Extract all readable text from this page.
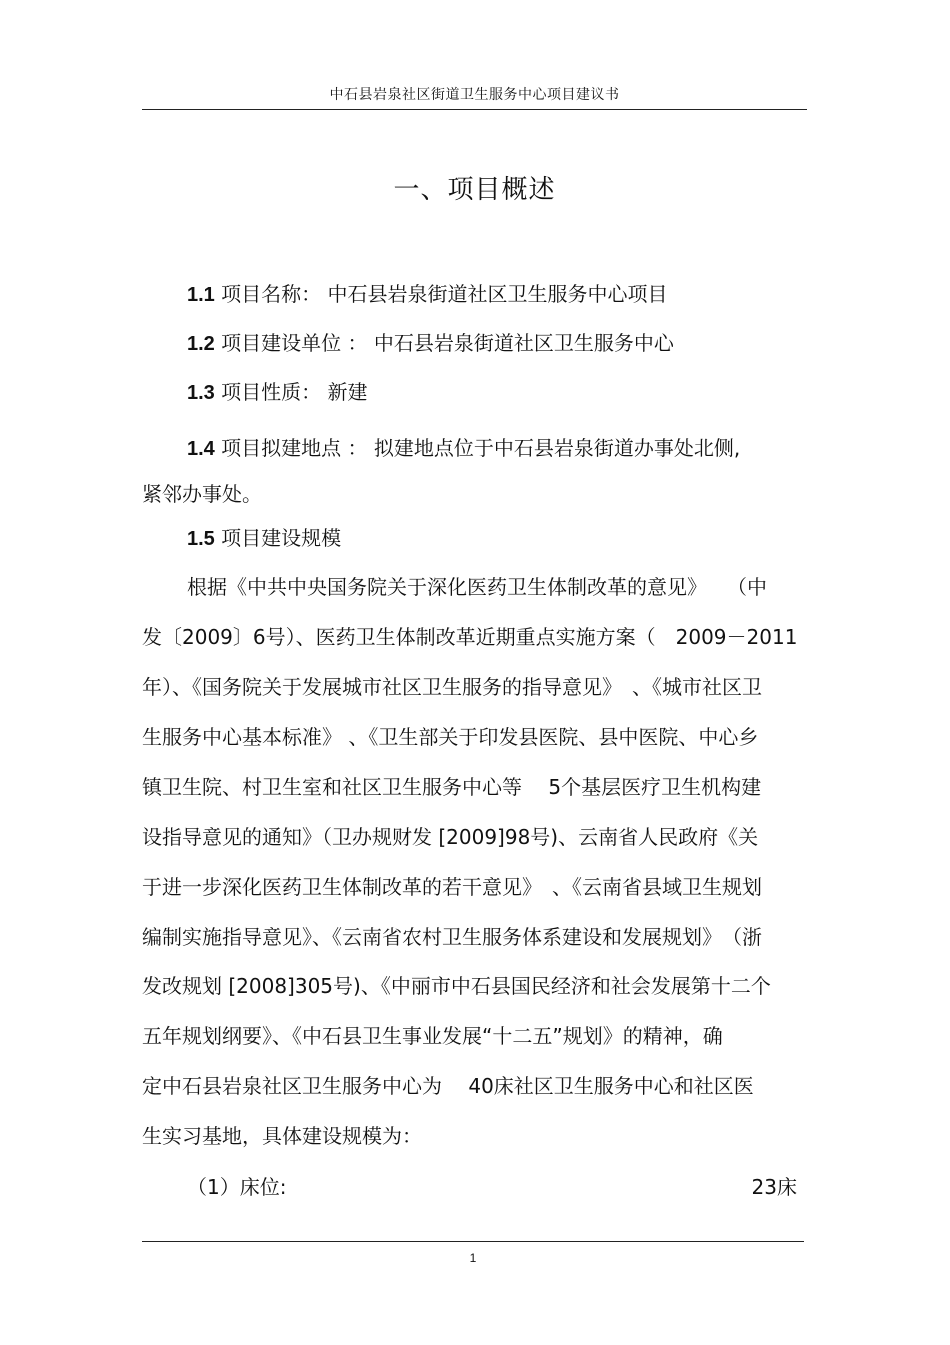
中石县岩泉社区街道卫生服务中心项目建议书
一、项目概述
1.1 项目名称： 中石县岩泉街道社区卫生服务中心项目
1.2 项目建设单位 ： 中石县岩泉街道社区卫生服务中心
1.3 项目性质： 新建
1.4 项目拟建地点 ： 拟建地点位于中石县岩泉街道办事处北侧,
紧邻办事处。
1.5 项目建设规模
根据《中共中央国务院关于深化医药卫生体制改革的意见》　　（中
发〔2009〕6号）、医药卫生体制改革近期重点实施方案（　2009－2011
年）、《国务院关于发展城市社区卫生服务的指导意见》　、《城市社区卫
生服务中心基本标准》 、《卫生部关于印发县医院、县中医院、中心乡
镇卫生院、村卫生室和社区卫生服务中心等　 5个基层医疗卫生机构建
设指导意见的通知》（卫办规财发 [2009]98号)、云南省人民政府《关
于进一步深化医药卫生体制改革的若干意见》　、《云南省县域卫生规划
编制实施指导意见》、《云南省农村卫生服务体系建设和发展规划》　（浙
发改规划 [2008]305号)、《中丽市中石县国民经济和社会发展第十二个
五年规划纲要》、《中石县卫生事业发展“十二五”规划》的精神，确
定中石县岩泉社区卫生服务中心为　 40床社区卫生服务中心和社区医
生实习基地，具体建设规模为：
（1）床位:	23床
1
